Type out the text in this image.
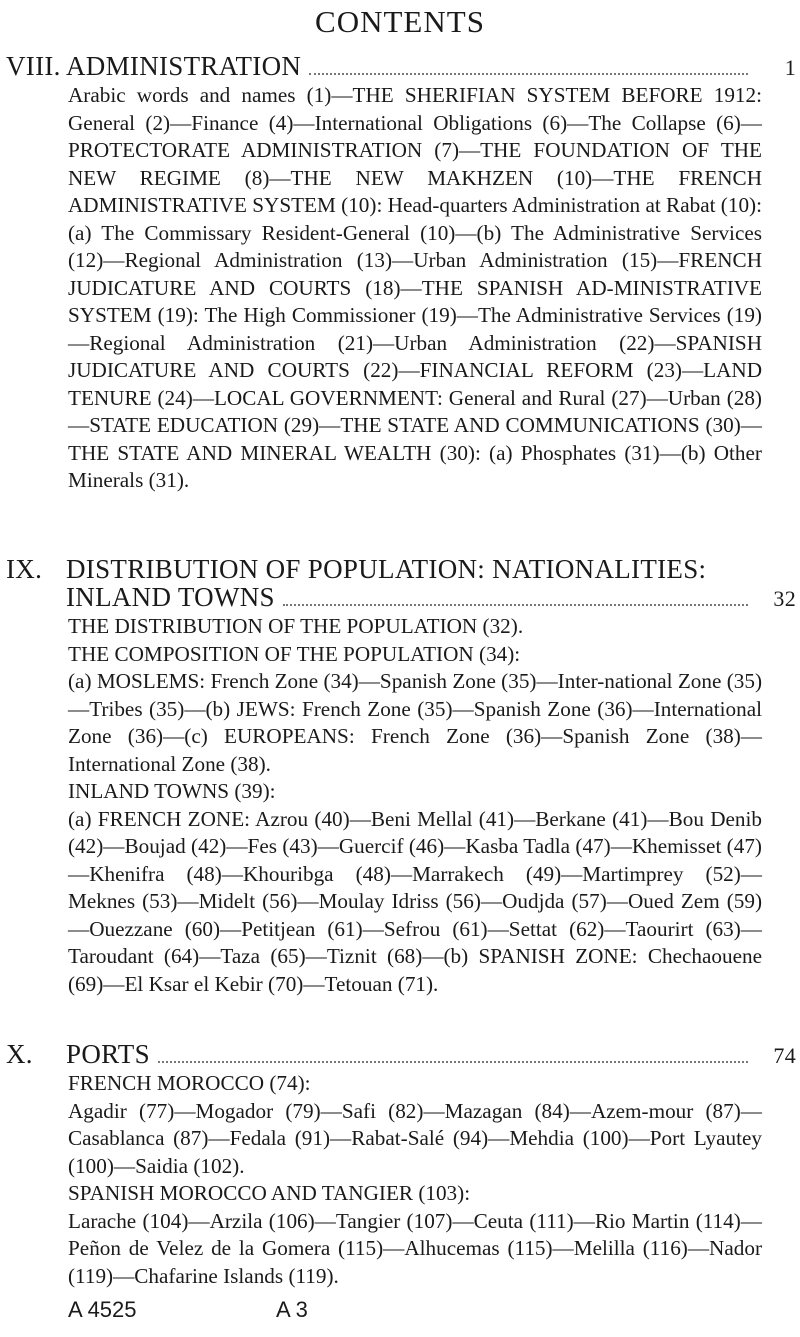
CONTENTS
VIII. ADMINISTRATION	1

Arabic words and names (1)—THE SHERIFIAN SYSTEM BEFORE 1912: General (2)—Finance (4)—International Obligations (6)—The Collapse (6)—PROTECTORATE ADMINISTRATION (7)—THE FOUNDATION OF THE NEW REGIME (8)—THE NEW MAKHZEN (10)—THE FRENCH ADMINISTRATIVE SYSTEM (10): Head-quarters Administration at Rabat (10): (a) The Commissary Resident-General (10)—(b) The Administrative Services (12)—Regional Administration (13)—Urban Administration (15)—FRENCH JUDICATURE AND COURTS (18)—THE SPANISH AD-MINISTRATIVE SYSTEM (19): The High Commissioner (19)—The Administrative Services (19)—Regional Administration (21)—Urban Administration (22)—SPANISH JUDICATURE AND COURTS (22)—FINANCIAL REFORM (23)—LAND TENURE (24)—LOCAL GOVERNMENT: General and Rural (27)—Urban (28)—STATE EDUCATION (29)—THE STATE AND COMMUNICATIONS (30)—THE STATE AND MINERAL WEALTH (30): (a) Phosphates (31)—(b) Other Minerals (31).

IX. DISTRIBUTION OF POPULATION: NATIONALITIES:
INLAND TOWNS	32

THE DISTRIBUTION OF THE POPULATION (32).

THE COMPOSITION OF THE POPULATION (34):

(a) MOSLEMS: French Zone (34)—Spanish Zone (35)—Inter-national Zone (35)—Tribes (35)—(b) JEWS: French Zone (35)—Spanish Zone (36)—International Zone (36)—(c) EUROPEANS: French Zone (36)—Spanish Zone (38)—International Zone (38).

INLAND TOWNS (39):

(a) FRENCH ZONE: Azrou (40)—Beni Mellal (41)—Berkane (41)—Bou Denib (42)—Boujad (42)—Fes (43)—Guercif (46)—Kasba Tadla (47)—Khemisset (47)—Khenifra (48)—Khouribga (48)—Marrakech (49)—Martimprey (52)—Meknes (53)—Midelt (56)—Moulay Idriss (56)—Oudjda (57)—Oued Zem (59)—Ouezzane (60)—Petitjean (61)—Sefrou (61)—Settat (62)—Taourirt (63)—Taroudant (64)—Taza (65)—Tiznit (68)—(b) SPANISH ZONE: Chechaouene (69)—El Ksar el Kebir (70)—Tetouan (71).

X.	PORTS	74

FRENCH MOROCCO (74):

Agadir (77)—Mogador (79)—Safi (82)—Mazagan (84)—Azem-mour (87)—Casablanca (87)—Fedala (91)—Rabat-Salé (94)—Mehdia (100)—Port Lyautey (100)—Saidia (102).

SPANISH MOROCCO AND TANGIER (103):

Larache (104)—Arzila (106)—Tangier (107)—Ceuta (111)—Rio Martin (114)—Peñon de Velez de la Gomera (115)—Alhucemas (115)—Melilla (116)—Nador (119)—Chafarine Islands (119).

A 4525	A 3
